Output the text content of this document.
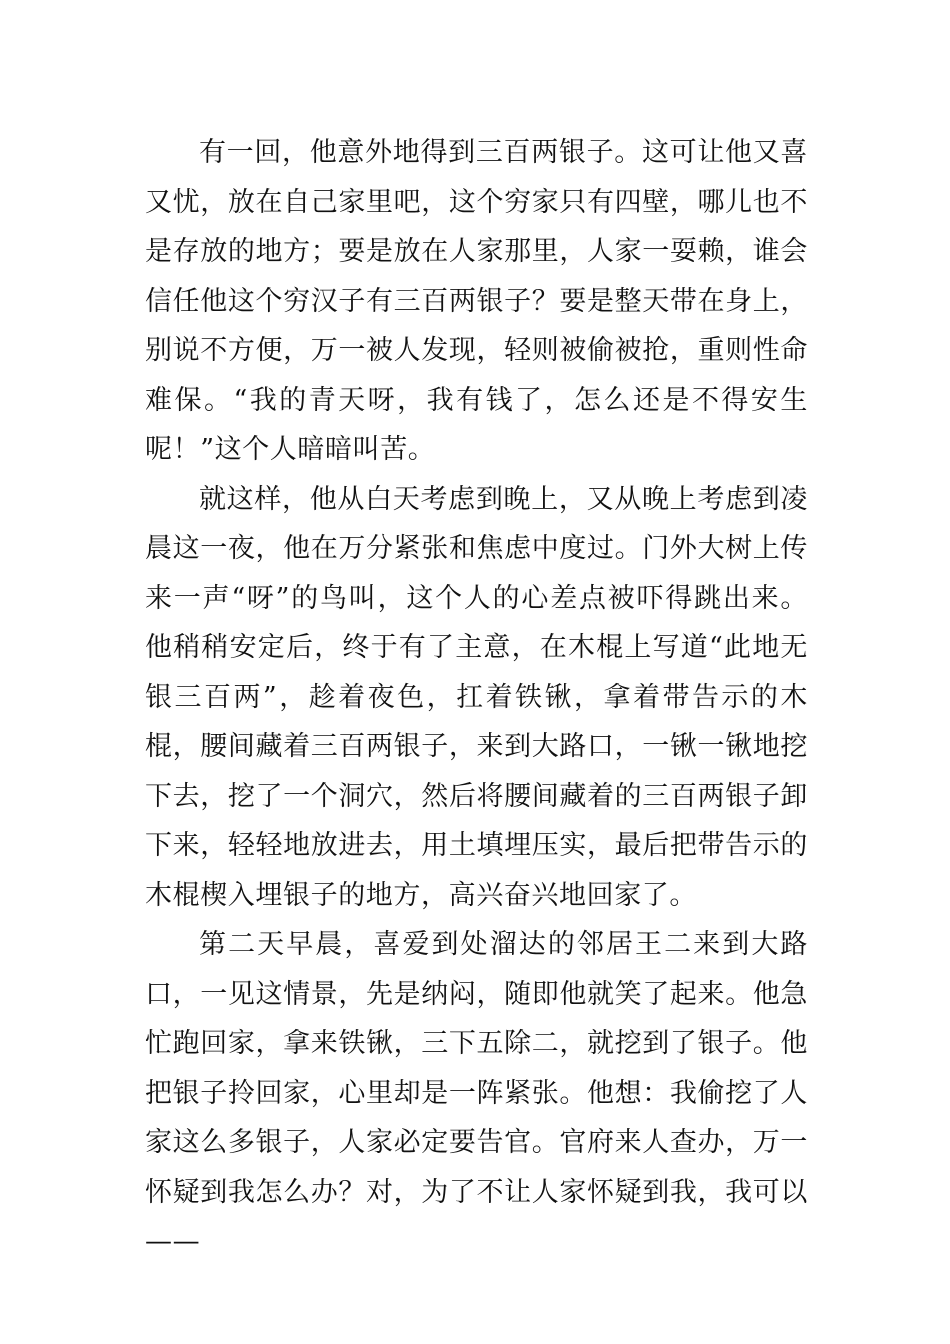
有一回，他意外地得到三百两银子。这可让他又喜又忧，放在自己家里吧，这个穷家只有四壁，哪儿也不是存放的地方；要是放在人家那里，人家一耍赖，谁会信任他这个穷汉子有三百两银子？要是整天带在身上，别说不方便，万一被人发现，轻则被偷被抢，重则性命难保。“我的青天呀，我有钱了，怎么还是不得安生呢！”这个人暗暗叫苦。

就这样，他从白天考虑到晚上，又从晚上考虑到凌晨这一夜，他在万分紧张和焦虑中度过。门外大树上传来一声“呀”的鸟叫，这个人的心差点被吓得跳出来。他稍稍安定后，终于有了主意，在木棍上写道“此地无银三百两”，趁着夜色，扛着铁锹，拿着带告示的木棍，腰间藏着三百两银子，来到大路口，一锹一锹地挖下去，挖了一个洞穴，然后将腰间藏着的三百两银子卸下来，轻轻地放进去，用土填埋压实，最后把带告示的木棍楔入埋银子的地方，高兴奋兴地回家了。

第二天早晨，喜爱到处溜达的邻居王二来到大路口，一见这情景，先是纳闷，随即他就笑了起来。他急忙跑回家，拿来铁锹，三下五除二，就挖到了银子。他把银子拎回家，心里却是一阵紧张。他想：我偷挖了人家这么多银子，人家必定要告官。官府来人查办，万一怀疑到我怎么办？对，为了不让人家怀疑到我，我可以——
